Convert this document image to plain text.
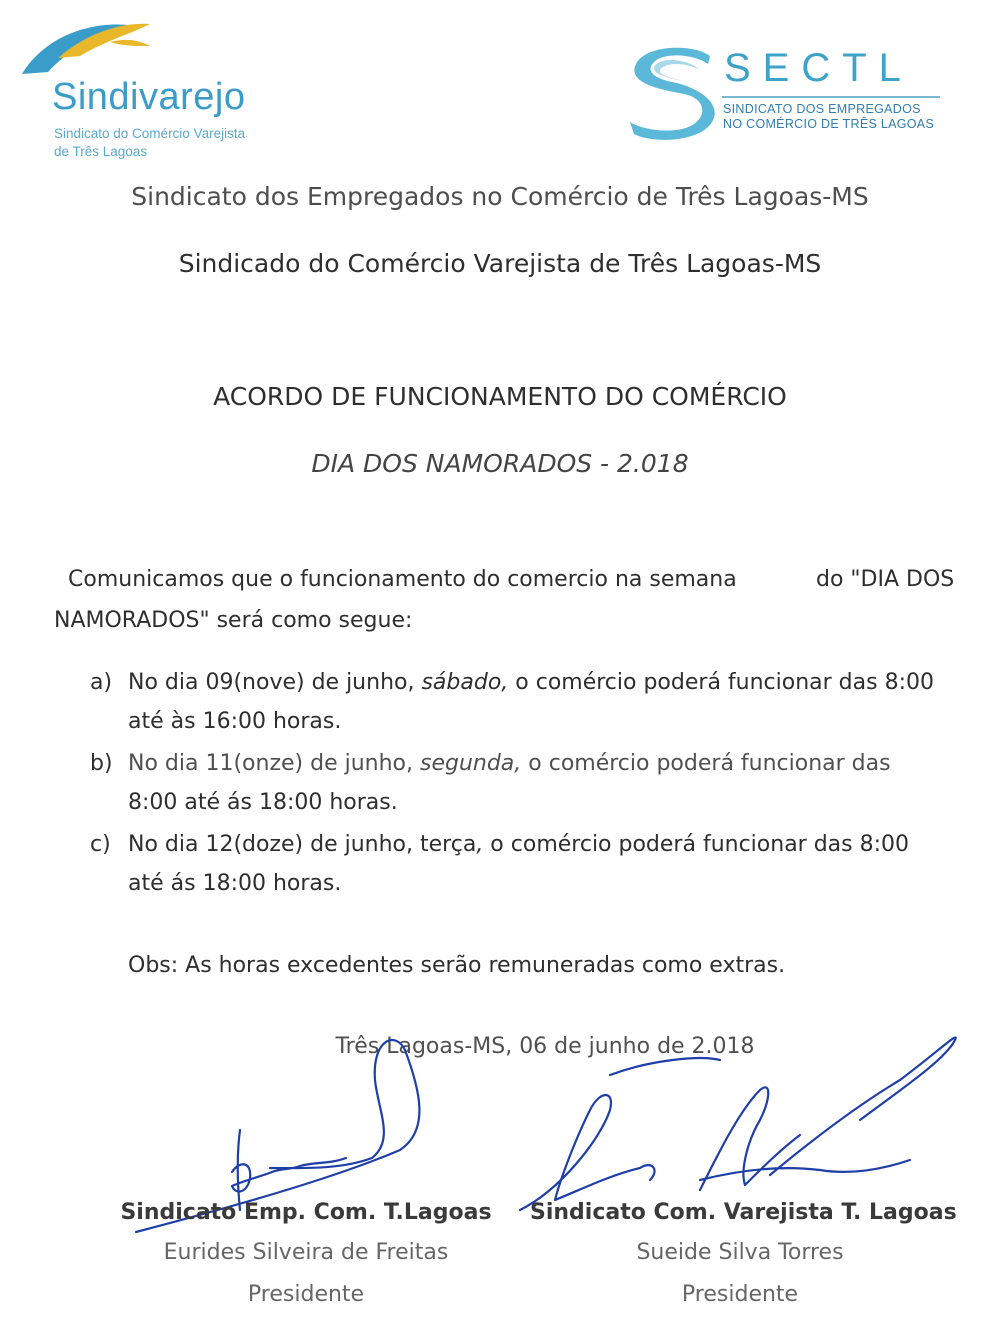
Sindivarejo
Sindicato do Comércio Varejista
de Três Lagoas
SECTL
SINDICATO DOS EMPREGADOS
NO COMÉRCIO DE TRÊS LAGOAS
Sindicato dos Empregados no Comércio de Três Lagoas-MS
Sindicado do Comércio Varejista de Três Lagoas-MS
ACORDO DE FUNCIONAMENTO DO COMÉRCIO
DIA DOS NAMORADOS - 2.018
Comunicamos que o funcionamento do comercio na semana	do "DIA DOS
NAMORADOS" será como segue:
a) No dia 09(nove) de junho, sábado, o comércio poderá funcionar das 8:00
até às 16:00 horas.
b) No dia 11(onze) de junho, segunda, o comércio poderá funcionar das
8:00 até ás 18:00 horas.
c) No dia 12(doze) de junho, terça, o comércio poderá funcionar das 8:00
até ás 18:00 horas.
Obs: As horas excedentes serão remuneradas como extras.
Três Lagoas-MS, 06 de junho de 2.018
Sindicato Emp. Com. T.Lagoas
Eurides Silveira de Freitas
Presidente
Sindicato Com. Varejista T. Lagoas
Sueide Silva Torres
Presidente
